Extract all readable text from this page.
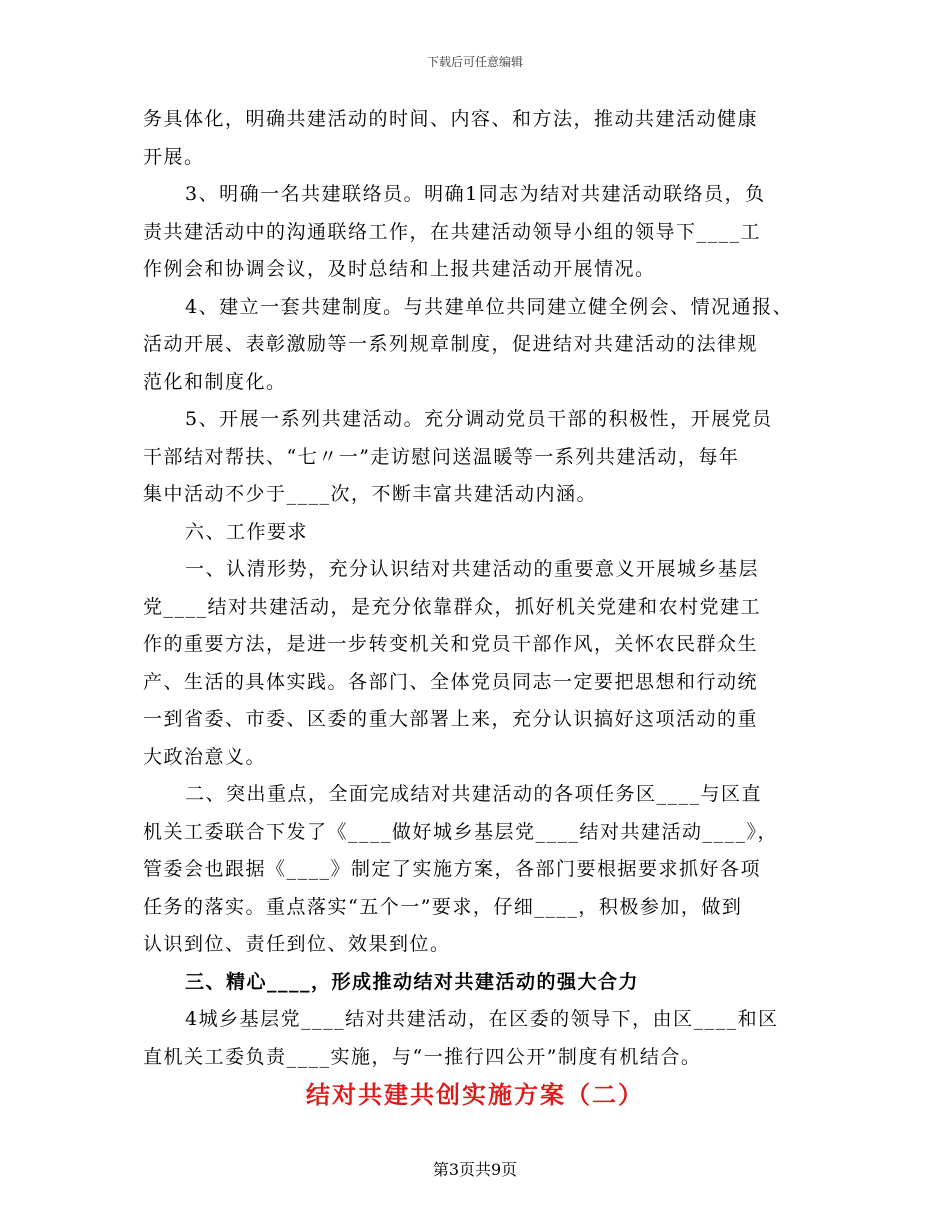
下载后可任意编辑
务具体化，明确共建活动的时间、内容、和方法，推动共建活动健康
开展。
3、明确一名共建联络员。明确1同志为结对共建活动联络员，负
责共建活动中的沟通联络工作，在共建活动领导小组的领导下____工
作例会和协调会议，及时总结和上报共建活动开展情况。
4、建立一套共建制度。与共建单位共同建立健全例会、情况通报、
活动开展、表彰激励等一系列规章制度，促进结对共建活动的法律规
范化和制度化。
5、开展一系列共建活动。充分调动党员干部的积极性，开展党员
干部结对帮扶、“七〃一”走访慰问送温暖等一系列共建活动，每年
集中活动不少于____次，不断丰富共建活动内涵。
六、工作要求
一、认清形势，充分认识结对共建活动的重要意义开展城乡基层
党____结对共建活动，是充分依靠群众，抓好机关党建和农村党建工
作的重要方法，是进一步转变机关和党员干部作风，关怀农民群众生
产、生活的具体实践。各部门、全体党员同志一定要把思想和行动统
一到省委、市委、区委的重大部署上来，充分认识搞好这项活动的重
大政治意义。
二、突出重点，全面完成结对共建活动的各项任务区____与区直
机关工委联合下发了《____做好城乡基层党____结对共建活动____》，
管委会也跟据《____》制定了实施方案，各部门要根据要求抓好各项
任务的落实。重点落实“五个一”要求，仔细____，积极参加，做到
认识到位、责任到位、效果到位。
三、精心____，形成推动结对共建活动的强大合力
4城乡基层党____结对共建活动，在区委的领导下，由区____和区
直机关工委负责____实施，与“一推行四公开”制度有机结合。
结对共建共创实施方案（二）
第3页共9页
